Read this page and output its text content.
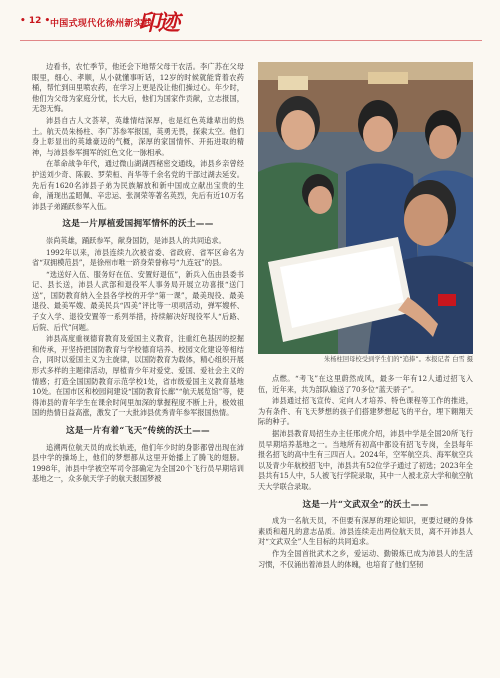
• 12 • 中国式现代化徐州新实践
印迹

边看书，农忙季节，他还会下地帮父母干农活。李广苏在父母眼里，细心、孝顺，从小就懂事听话，12岁的时候就能背着农药桶，帮忙到田里喷农药，在学习上更是没让他们操过心。年少时，他们为父母为家庭分忧，长大后，他们为国家作贡献，立志报国，无怨无悔。

沛县自古人文荟萃，英雄情结深厚，也是红色英雄辈出的热土。航天员朱杨柱、李广苏参军报国，英勇无畏，探索太空。他们身上彰显出的英雄豪迈的气概，深厚的家国情怀、开拓进取的精神，与沛县参军拥军的红色文化一脉相承。

在革命战争年代，通过微山湖湖西秘密交通线，沛县乡亲曾经护送刘少奇、陈毅、罗荣桓、肖华等千余名党的干部过湖去延安。先后有1620名沛县子弟为民族解放和新中国成立献出宝贵的生命，涌现出孟昭佩、辛忠运、张洞荣等著名英烈，先后有近10万名沛县子弟踊跃参军入伍。

这是一片厚植爱国拥军情怀的沃土——

崇尚英雄，踊跃参军，献身国防，是沛县人的共同追求。

1992年以来，沛县连续九次被省委、省政府、省军区命名为省“双拥模范县”，是徐州市唯一跻身荣誉称号“九连冠”的县。

“选送好入伍、服务好在伍、安置好退伍”，新兵入伍由县委书记、县长送，沛县人武部和退役军人事务局开展立功喜报“送门送”，国防教育纳入全县各学校的开学“第一课”，最美现役、最美退役、最美军嫂、最美民兵“四美”评比等一项项活动，弹军嫂杯、子女入学、退役安置等一系列举措，持续解决好现役军人“后路、后院、后代”问题。

沛县高度重视德育教育及爱国主义教育，注重红色基因的挖掘和传承，开坚持把国防教育与学校德育培养、校园文化建设等相结合，同时以爱国主义为主旋律，以国防教育为载体，精心组织开展形式多样的主题律活动，厚植青少年对爱党、爱国、爱社会主义的情感；打造全国国防教育示范学校1处，省市级爱国主义教育基地10处。在国市区和校园间建设“国防教育长廊”“航天展览馆”等，使得沛县的青年学生在课余时间里加深的掌握程度不断上升，极效祖国的热情日益高涨，激发了一大批沛县优秀青年参军报国热情。

这是一片有着“飞天”传统的沃土——

追溯两位航天员的成长轨迹，他们年少时的身影都曾出现在沛县中学的操场上，他们的梦想都从这里开始播上了腾飞的翅膀。1998年，沛县中学被空军司令部确定为全国20个飞行员早期培训基地之一，众多航天学子的航天报国梦被

朱杨柱回母校受到学生们的“追捧”。本报记者 白雪 摄

点燃。“考飞”在这里蔚然成风，最多一年有12人通过招飞入伍，近年来，共为部队输送了70多位“蓝天骄子”。

沛县通过招飞宣传、定向人才培养、特色课程等工作的推进，为有条件、有飞天梦想的孩子们搭建梦想起飞的平台，埋下翱翔天际的种子。

据沛县教育局招生办主任邢虎介绍，沛县中学是全国20所飞行员早期培养基地之一。当地所有初高中都设有招飞专岗，全县每年报名招飞的高中生有三四百人。2024年，空军航空兵、海军航空兵以及青少年航校招飞中，沛县共有52位学子通过了初选；2023年全县共有15人中，5人被飞行学院录取，其中一人被北京大学和航空航天大学联合录取。

这是一片“文武双全”的沃土——

成为一名航天员，不但要有深厚的理论知识，更要过硬的身体素质和超凡的意志品质。沛县连续走出两位航天员，离不开沛县人对“文武双全”人生目标的共同追求。

作为全国首批武术之乡，爱运动、勤锻炼已成为沛县人的生活习惯，不仅涌出着沛县人的体魄，也培育了他们坚韧
